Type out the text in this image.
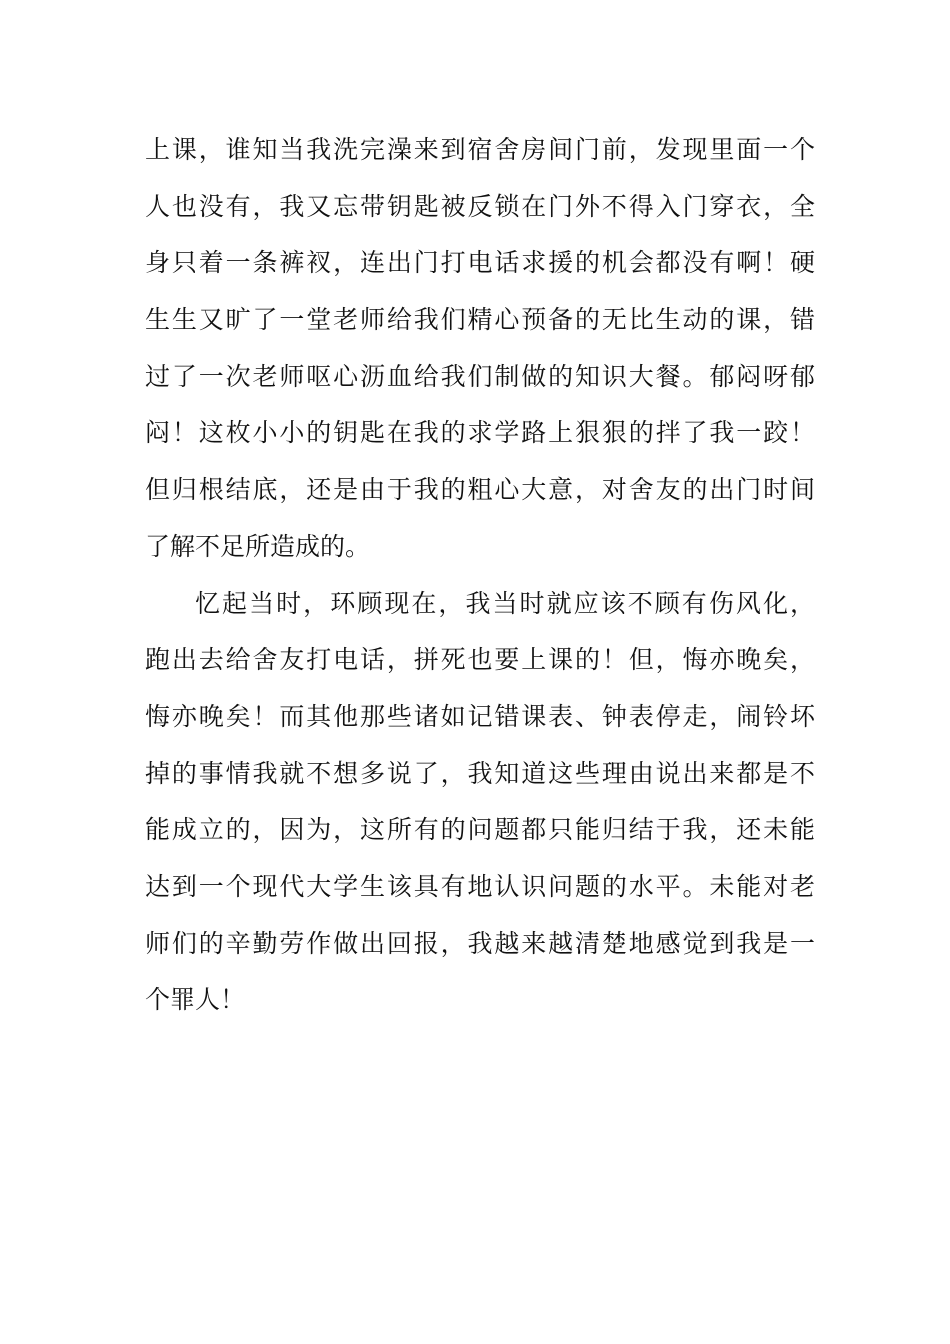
上课，谁知当我洗完澡来到宿舍房间门前，发现里面一个
人也没有，我又忘带钥匙被反锁在门外不得入门穿衣，全
身只着一条裤衩，连出门打电话求援的机会都没有啊！硬
生生又旷了一堂老师给我们精心预备的无比生动的课，错
过了一次老师呕心沥血给我们制做的知识大餐。郁闷呀郁
闷！这枚小小的钥匙在我的求学路上狠狠的拌了我一跤！
但归根结底，还是由于我的粗心大意，对舍友的出门时间
了解不足所造成的。
忆起当时，环顾现在，我当时就应该不顾有伤风化，
跑出去给舍友打电话，拼死也要上课的！但，悔亦晚矣，
悔亦晚矣！而其他那些诸如记错课表、钟表停走，闹铃坏
掉的事情我就不想多说了，我知道这些理由说出来都是不
能成立的，因为，这所有的问题都只能归结于我，还未能
达到一个现代大学生该具有地认识问题的水平。未能对老
师们的辛勤劳作做出回报，我越来越清楚地感觉到我是一
个罪人！
